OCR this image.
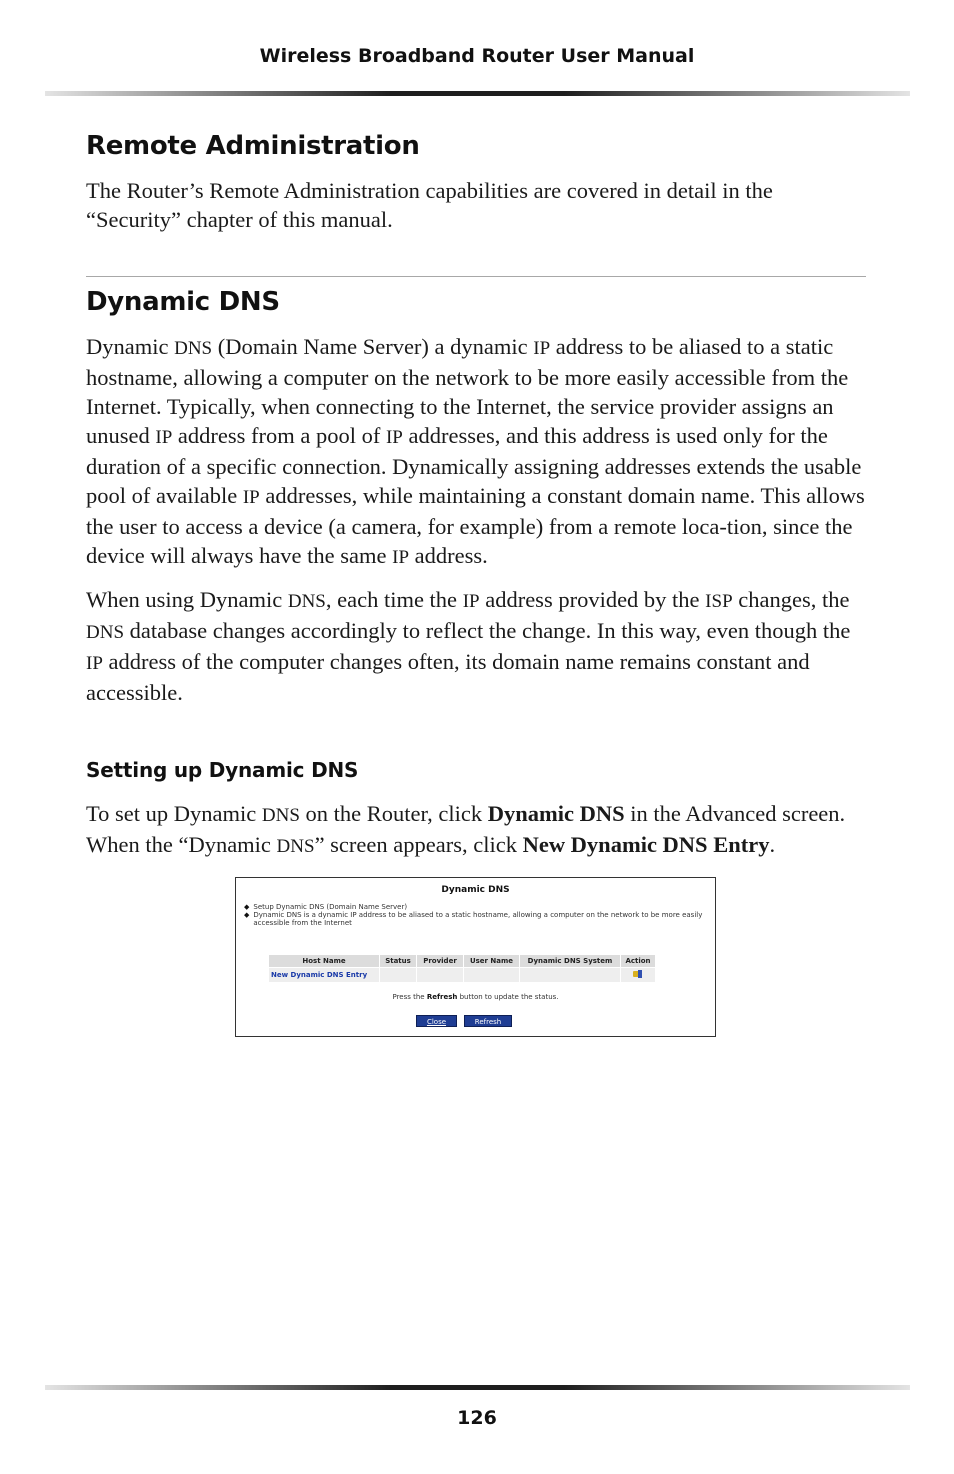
Wireless Broadband Router User Manual
Remote Administration

The Router’s Remote Administration capabilities are covered in detail in the “Security” chapter of this manual.

Dynamic DNS

Dynamic DNS (Domain Name Server) a dynamic IP address to be aliased to a static hostname, allowing a computer on the network to be more easily accessible from the Internet. Typically, when connecting to the Internet, the service provider assigns an unused IP address from a pool of IP addresses, and this address is used only for the duration of a specific connection. Dynamically assigning addresses extends the usable pool of available IP addresses, while maintaining a constant domain name. This allows the user to access a device (a camera, for example) from a remote loca-tion, since the device will always have the same IP address.

When using Dynamic DNS, each time the IP address provided by the ISP changes, the DNS database changes accordingly to reflect the change. In this way, even though the IP address of the computer changes often, its domain name remains constant and accessible.

Setting up Dynamic DNS

To set up Dynamic DNS on the Router, click Dynamic DNS in the Advanced screen. When the “Dynamic DNS” screen appears, click New Dynamic DNS Entry.

Dynamic DNS
◆ Setup Dynamic DNS (Domain Name Server)
◆ Dynamic DNS is a dynamic IP address to be aliased to a static hostname, allowing a computer on the network to be more easily accessible from the Internet
Host Name	Status	Provider	User Name	Dynamic DNS System	Action
New Dynamic DNS Entry					
Press the Refresh button to update the status.
Close	Refresh
126
